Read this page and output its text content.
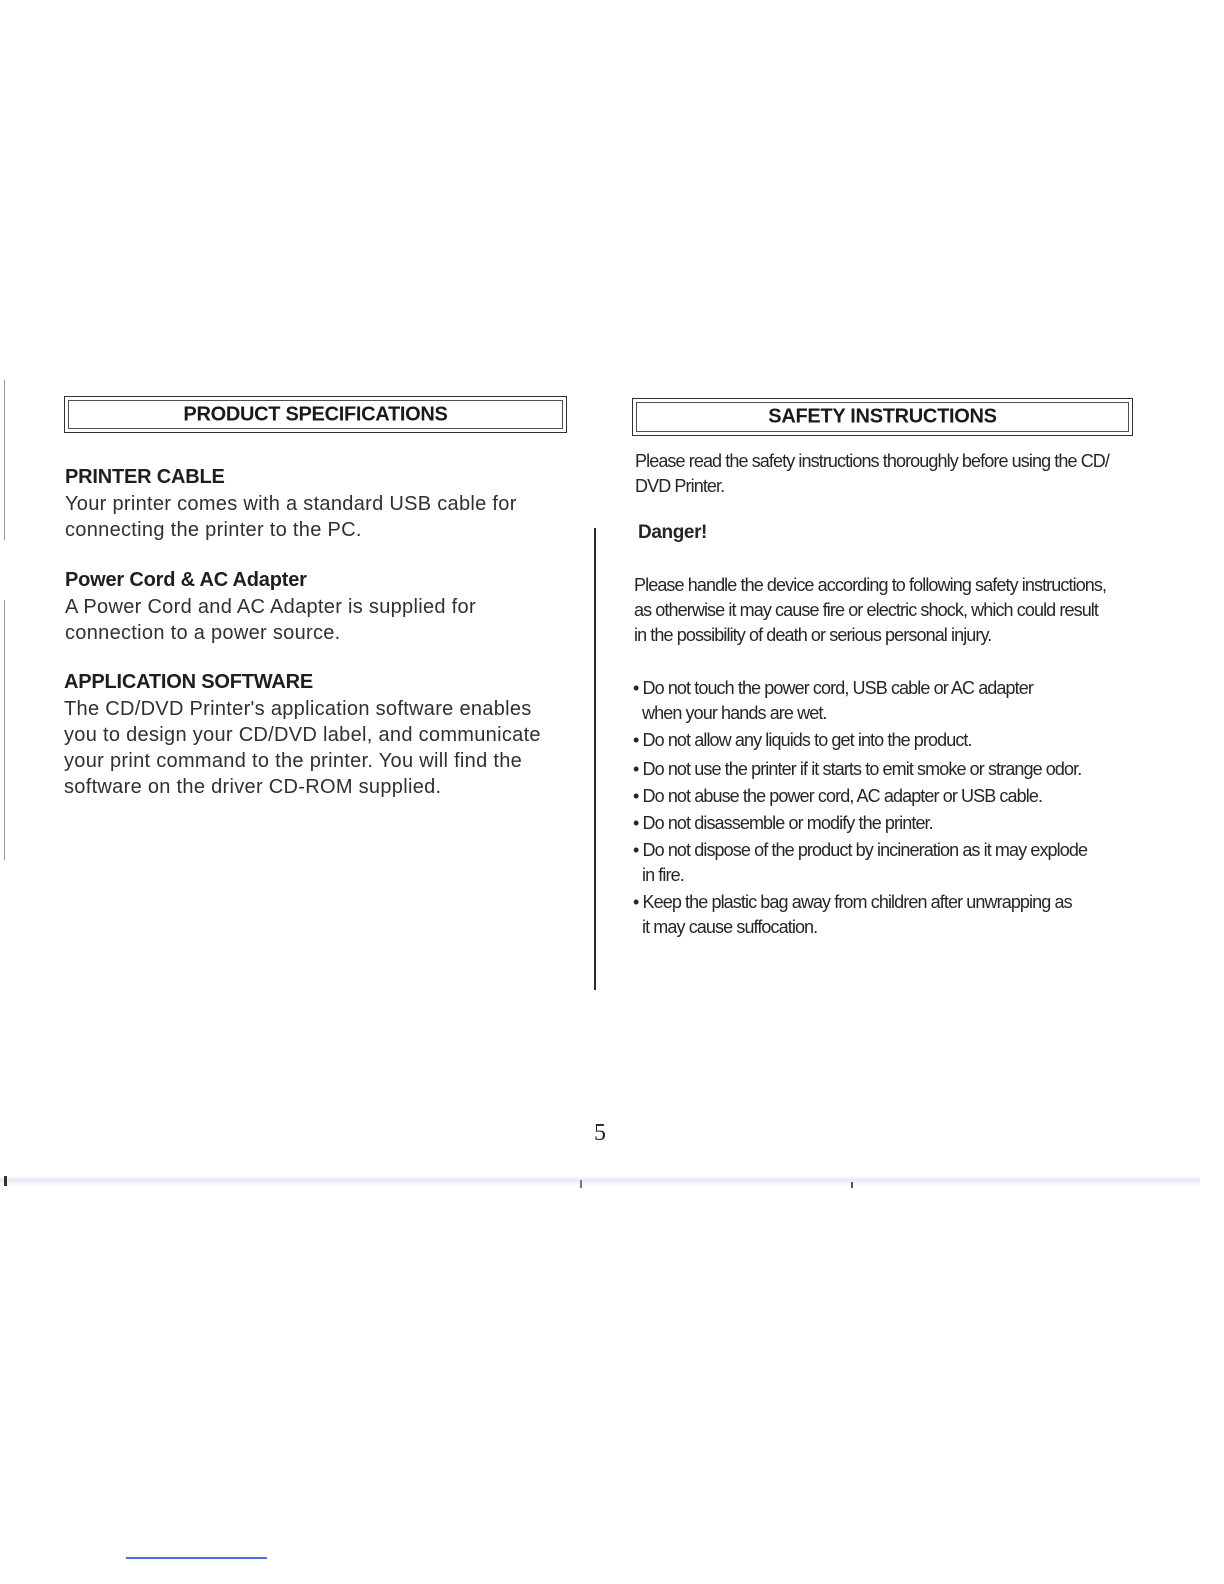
PRODUCT SPECIFICATIONS
PRINTER CABLE
Your printer comes with a standard USB cable for
connecting the printer to the PC.
Power Cord & AC Adapter
A Power Cord and AC Adapter is supplied for
connection to a power source.
APPLICATION SOFTWARE
The CD/DVD Printer's application software enables
you to design your CD/DVD label, and communicate
your print command to the printer. You will find the
software on the driver CD-ROM supplied.
SAFETY INSTRUCTIONS
Please read the safety instructions thoroughly before using the CD/
DVD Printer.
Danger!
Please handle the device according to following safety instructions,
as otherwise it may cause fire or electric shock, which could result
in the possibility of death or serious personal injury.
• Do not touch the power cord, USB cable or AC adapter
when your hands are wet.
• Do not allow any liquids to get into the product.
• Do not use the printer if it starts to emit smoke or strange odor.
• Do not abuse the power cord, AC adapter or USB cable.
• Do not disassemble or modify the printer.
• Do not dispose of the product by incineration as it may explode
in fire.
• Keep the plastic bag away from children after unwrapping as
it may cause suffocation.
5
